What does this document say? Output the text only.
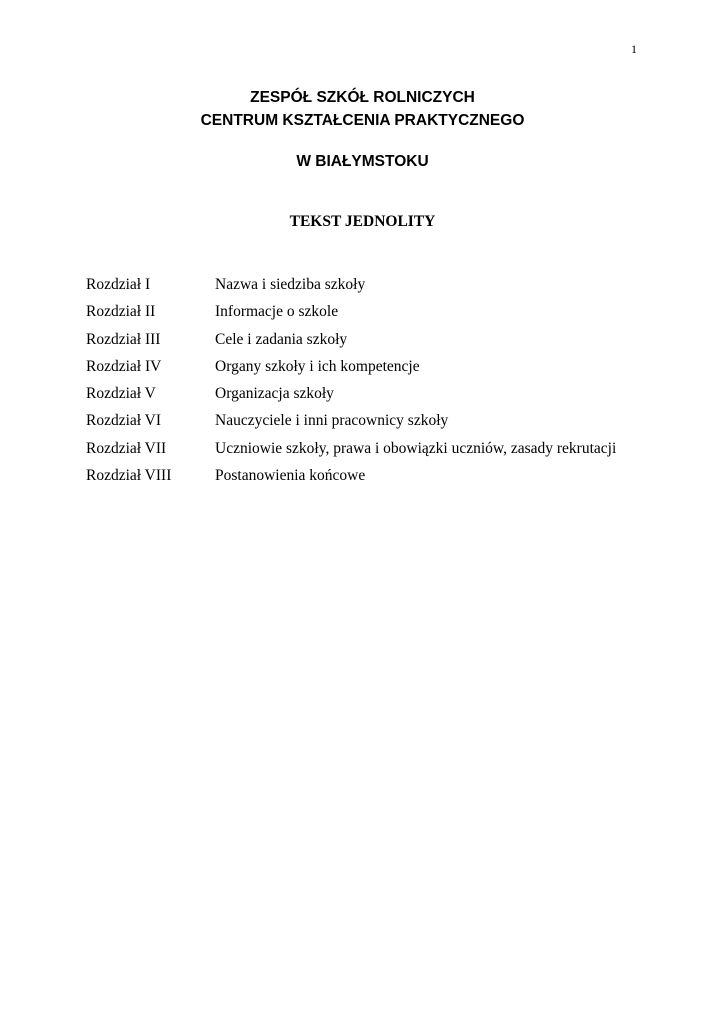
1
ZESPÓŁ SZKÓŁ ROLNICZYCH
CENTRUM KSZTAŁCENIA PRAKTYCZNEGO
W BIAŁYMSTOKU
TEKST JEDNOLITY
Rozdział I	Nazwa i siedziba szkoły
Rozdział II	Informacje o szkole
Rozdział III	Cele i zadania szkoły
Rozdział IV	Organy szkoły i ich kompetencje
Rozdział V	Organizacja szkoły
Rozdział VI	Nauczyciele i inni pracownicy szkoły
Rozdział VII	Uczniowie szkoły, prawa i obowiązki uczniów, zasady rekrutacji
Rozdział VIII	Postanowienia końcowe
